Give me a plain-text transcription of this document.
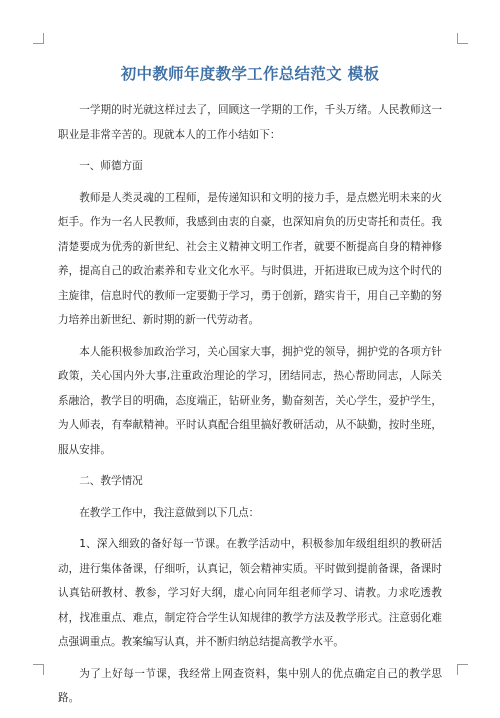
初中教师年度教学工作总结范文 模板

一学期的时光就这样过去了，回顾这一学期的工作，千头万绪。人民教师这一职业是非常辛苦的。现就本人的工作小结如下：

一、师德方面

教师是人类灵魂的工程师，是传递知识和文明的接力手，是点燃光明未来的火炬手。作为一名人民教师，我感到由衷的自豪，也深知肩负的历史寄托和责任。我清楚要成为优秀的新世纪、社会主义精神文明工作者，就要不断提高自身的精神修养，提高自己的政治素养和专业文化水平。与时俱进，开拓进取已成为这个时代的主旋律，信息时代的教师一定要勤于学习，勇于创新，踏实肯干，用自己辛勤的努力培养出新世纪、新时期的新一代劳动者。

本人能积极参加政治学习，关心国家大事，拥护党的领导，拥护党的各项方针政策，关心国内外大事,注重政治理论的学习，团结同志，热心帮助同志，人际关系融洽，教学目的明确，态度端正，钻研业务，勤奋刻苦，关心学生，爱护学生，为人师表，有奉献精神。平时认真配合组里搞好教研活动，从不缺勤，按时坐班，服从安排。

二、教学情况

在教学工作中，我注意做到以下几点：

1、深入细致的备好每一节课。在教学活动中，积极参加年级组组织的教研活动，进行集体备课，仔细听，认真记，领会精神实质。平时做到提前备课，备课时认真钻研教材、教参，学习好大纲，虚心向同年组老师学习、请教。力求吃透教材，找准重点、难点，制定符合学生认知规律的教学方法及教学形式。注意弱化难点强调重点。教案编写认真，并不断归纳总结提高教学水平。

为了上好每一节课，我经常上网查资料，集中别人的优点确定自己的教学思路。
